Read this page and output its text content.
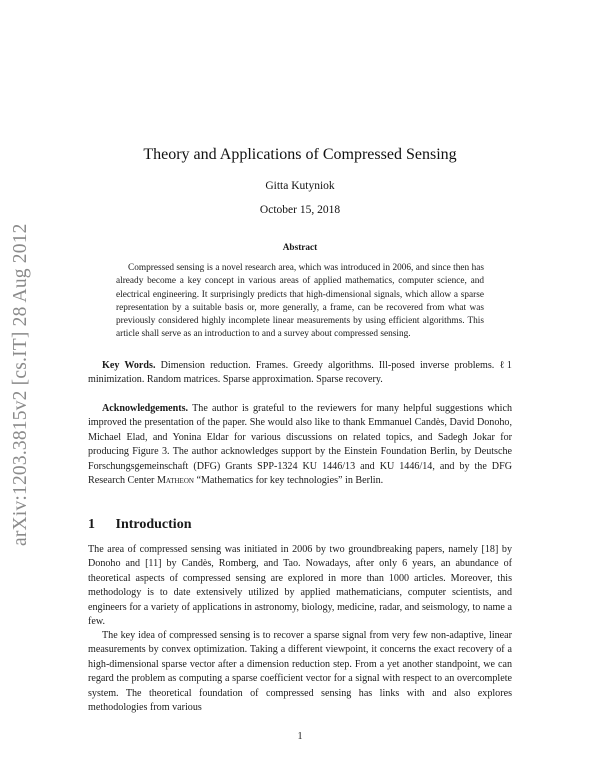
arXiv:1203.3815v2 [cs.IT] 28 Aug 2012
Theory and Applications of Compressed Sensing
Gitta Kutyniok
October 15, 2018
Abstract
Compressed sensing is a novel research area, which was introduced in 2006, and since then has already become a key concept in various areas of applied mathematics, computer science, and electrical engineering. It surprisingly predicts that high-dimensional signals, which allow a sparse representation by a suitable basis or, more generally, a frame, can be recovered from what was previously considered highly incomplete linear measurements by using efficient algorithms. This article shall serve as an introduction to and a survey about compressed sensing.
Key Words. Dimension reduction. Frames. Greedy algorithms. Ill-posed inverse problems. ℓ1 minimization. Random matrices. Sparse approximation. Sparse recovery.
Acknowledgements. The author is grateful to the reviewers for many helpful suggestions which improved the presentation of the paper. She would also like to thank Emmanuel Candès, David Donoho, Michael Elad, and Yonina Eldar for various discussions on related topics, and Sadegh Jokar for producing Figure 3. The author acknowledges support by the Einstein Foundation Berlin, by Deutsche Forschungsgemeinschaft (DFG) Grants SPP-1324 KU 1446/13 and KU 1446/14, and by the DFG Research Center Matheon “Mathematics for key technologies” in Berlin.
1 Introduction
The area of compressed sensing was initiated in 2006 by two groundbreaking papers, namely [18] by Donoho and [11] by Candès, Romberg, and Tao. Nowadays, after only 6 years, an abundance of theoretical aspects of compressed sensing are explored in more than 1000 articles. Moreover, this methodology is to date extensively utilized by applied mathematicians, computer scientists, and engineers for a variety of applications in astronomy, biology, medicine, radar, and seismology, to name a few.
The key idea of compressed sensing is to recover a sparse signal from very few non-adaptive, linear measurements by convex optimization. Taking a different viewpoint, it concerns the exact recovery of a high-dimensional sparse vector after a dimension reduction step. From a yet another standpoint, we can regard the problem as computing a sparse coefficient vector for a signal with respect to an overcomplete system. The theoretical foundation of compressed sensing has links with and also explores methodologies from various
1
